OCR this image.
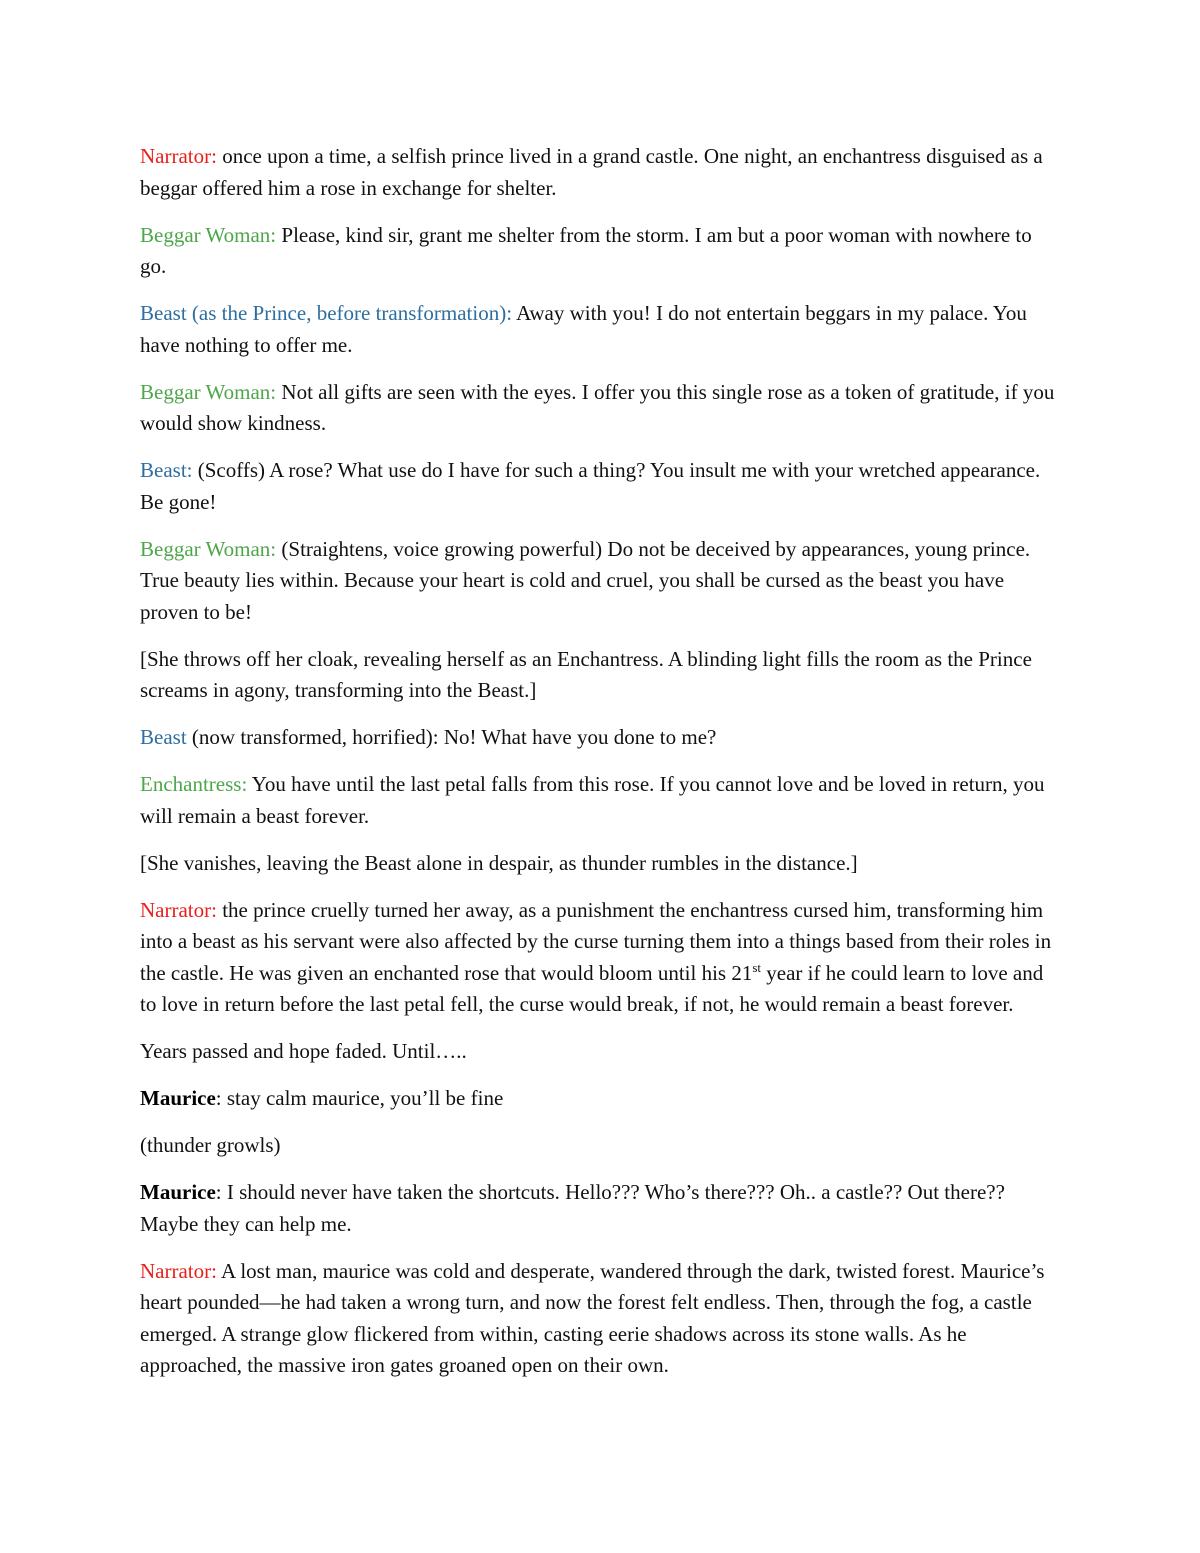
Narrator: once upon a time, a selfish prince lived in a grand castle. One night, an enchantress disguised as a beggar offered him a rose in exchange for shelter.

Beggar Woman: Please, kind sir, grant me shelter from the storm. I am but a poor woman with nowhere to go.

Beast (as the Prince, before transformation): Away with you! I do not entertain beggars in my palace. You have nothing to offer me.

Beggar Woman: Not all gifts are seen with the eyes. I offer you this single rose as a token of gratitude, if you would show kindness.

Beast: (Scoffs) A rose? What use do I have for such a thing? You insult me with your wretched appearance. Be gone!

Beggar Woman: (Straightens, voice growing powerful) Do not be deceived by appearances, young prince. True beauty lies within. Because your heart is cold and cruel, you shall be cursed as the beast you have proven to be!

[She throws off her cloak, revealing herself as an Enchantress. A blinding light fills the room as the Prince screams in agony, transforming into the Beast.]

Beast (now transformed, horrified): No! What have you done to me?

Enchantress: You have until the last petal falls from this rose. If you cannot love and be loved in return, you will remain a beast forever.

[She vanishes, leaving the Beast alone in despair, as thunder rumbles in the distance.]

Narrator: the prince cruelly turned her away, as a punishment the enchantress cursed him, transforming him into a beast as his servant were also affected by the curse turning them into a things based from their roles in the castle. He was given an enchanted rose that would bloom until his 21st year if he could learn to love and to love in return before the last petal fell, the curse would break, if not, he would remain a beast forever.

Years passed and hope faded. Until…..

Maurice: stay calm maurice, you’ll be fine

(thunder growls)

Maurice: I should never have taken the shortcuts. Hello??? Who’s there??? Oh.. a castle?? Out there?? Maybe they can help me.

Narrator: A lost man, maurice was cold and desperate, wandered through the dark, twisted forest. Maurice’s heart pounded—he had taken a wrong turn, and now the forest felt endless. Then, through the fog, a castle emerged. A strange glow flickered from within, casting eerie shadows across its stone walls. As he approached, the massive iron gates groaned open on their own.
